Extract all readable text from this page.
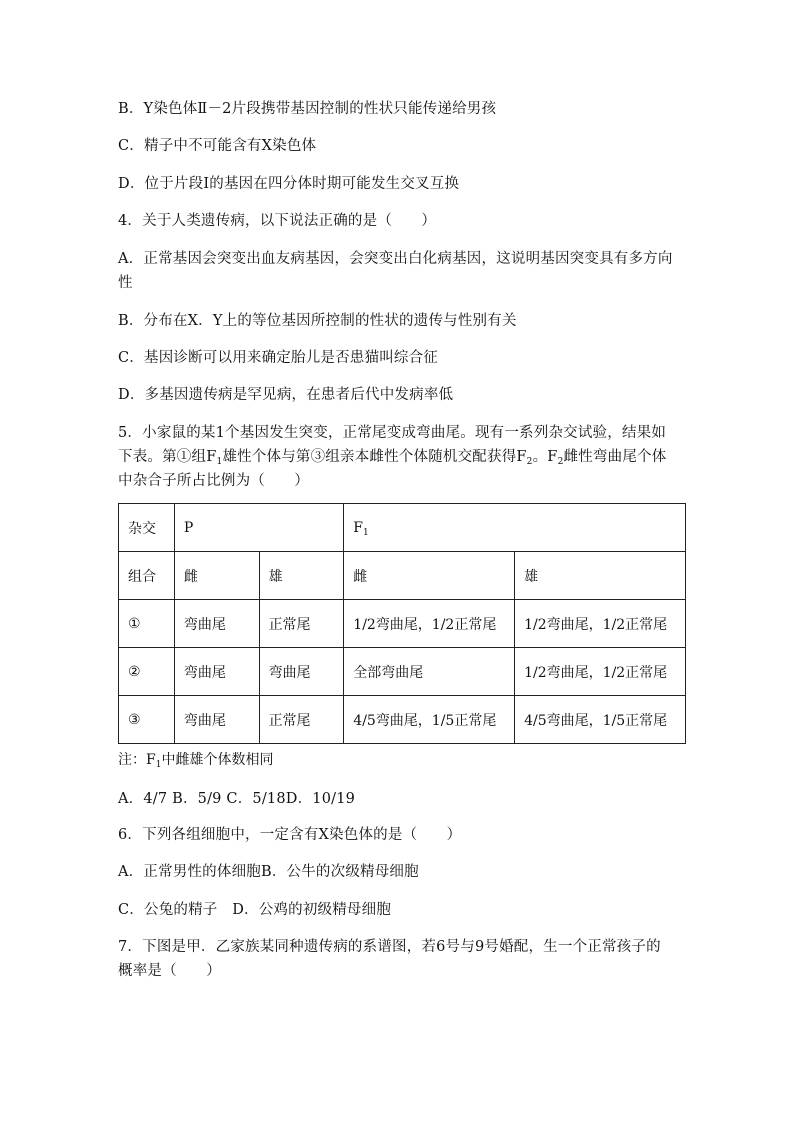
B．Y染色体Ⅱ－2片段携带基因控制的性状只能传递给男孩
C．精子中不可能含有X染色体
D．位于片段Ⅰ的基因在四分体时期可能发生交叉互换
4．关于人类遗传病，以下说法正确的是（　　）
A．正常基因会突变出血友病基因，会突变出白化病基因，这说明基因突变具有多方向
性
B．分布在X．Y上的等位基因所控制的性状的遗传与性别有关
C．基因诊断可以用来确定胎儿是否患猫叫综合征
D．多基因遗传病是罕见病，在患者后代中发病率低
5．小家鼠的某1个基因发生突变，正常尾变成弯曲尾。现有一系列杂交试验，结果如
下表。第①组$F_1$雄性个体与第③组亲本雌性个体随机交配获得$F_2$。$F_2$雌性弯曲尾个体
中杂合子所占比例为（　　）
杂交	P		$F_1$
组合	雌	雄	雌	雄
①	弯曲尾	正常尾	1/2弯曲尾，1/2正常尾	1/2弯曲尾，1/2正常尾
②	弯曲尾	弯曲尾	全部弯曲尾	1/2弯曲尾，1/2正常尾
③	弯曲尾	正常尾	4/5弯曲尾，1/5正常尾	4/5弯曲尾，1/5正常尾
注：$F_1$中雌雄个体数相同
A．4/7 B．5/9 C．5/18D．10/19
6．下列各组细胞中，一定含有X染色体的是（　　）
A．正常男性的体细胞B．公牛的次级精母细胞
C．公兔的精子　D．公鸡的初级精母细胞
7．下图是甲．乙家族某同种遗传病的系谱图，若6号与9号婚配，生一个正常孩子的
概率是（　　）
